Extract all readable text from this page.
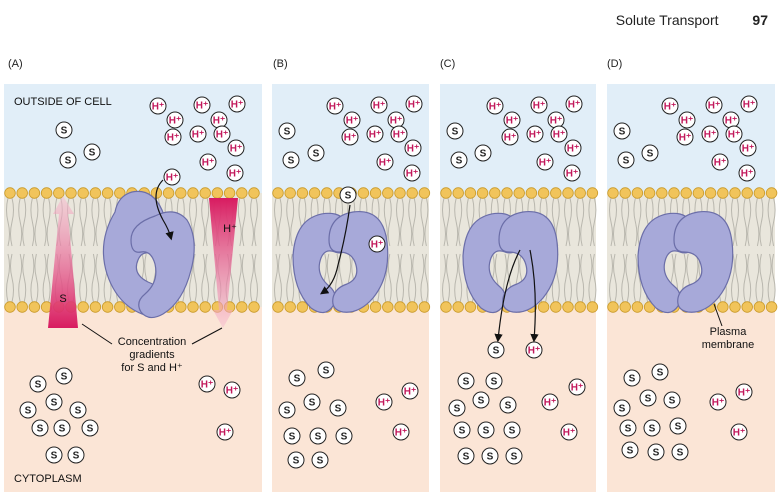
Solute Transport 97
(A)	(B)	(C)	(D)
S
S
S
H⁺	H⁺ H⁺
H⁺	H⁺
H⁺ H⁺ H⁺
H⁺
H⁺
H⁺
H⁺
S
S
S
S
S
S S S
S S
H⁺
H⁺
H⁺
S
S
S
S
H⁺	H⁺ H⁺
H⁺	H⁺
H⁺ H⁺ H⁺
H⁺
H⁺
H⁺
H⁺
S
S
S
S
S
S S S
S S
H⁺
H⁺
H⁺
S
S
S
S
H⁺	H⁺ H⁺
H⁺	H⁺
H⁺ H⁺ H⁺
H⁺
H⁺
H⁺
H⁺
S S
S
S S
S S S
S S S
H⁺
H⁺
H⁺
S
S
S
H⁺	H⁺ H⁺
H⁺	H⁺
H⁺ H⁺ H⁺
H⁺
H⁺
H⁺
S
S
S
S S
S S S
S S S
H⁺
H⁺
H⁺
S
H⁺
OUTSIDE OF CELL
CYTOPLASM
Concentration
gradients
for S and H⁺
Plasma
membrane
